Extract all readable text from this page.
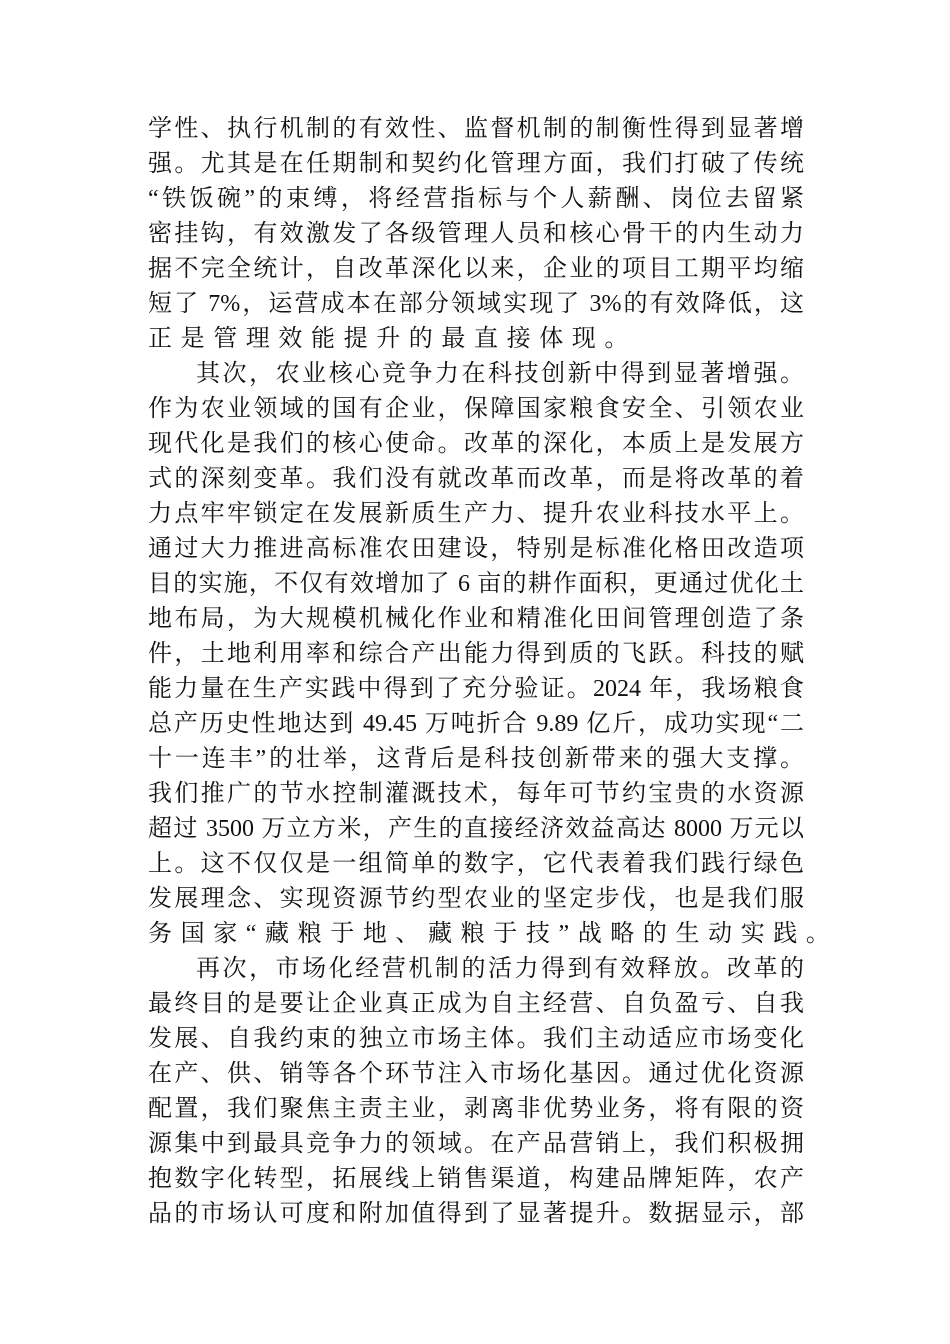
学性、执行机制的有效性、监督机制的制衡性得到显著增
强。尤其是在任期制和契约化管理方面，我们打破了传统
“铁饭碗”的束缚，将经营指标与个人薪酬、岗位去留紧
密挂钩，有效激发了各级管理人员和核心骨干的内生动力
据不完全统计，自改革深化以来，企业的项目工期平均缩
短了 7%，运营成本在部分领域实现了 3%的有效降低，这
正是管理效能提升的最直接体现。
其次，农业核心竞争力在科技创新中得到显著增强。
作为农业领域的国有企业，保障国家粮食安全、引领农业
现代化是我们的核心使命。改革的深化，本质上是发展方
式的深刻变革。我们没有就改革而改革，而是将改革的着
力点牢牢锁定在发展新质生产力、提升农业科技水平上。
通过大力推进高标准农田建设，特别是标准化格田改造项
目的实施，不仅有效增加了 6 亩的耕作面积，更通过优化土
地布局，为大规模机械化作业和精准化田间管理创造了条
件，土地利用率和综合产出能力得到质的飞跃。科技的赋
能力量在生产实践中得到了充分验证。2024 年，我场粮食
总产历史性地达到 49.45 万吨折合 9.89 亿斤，成功实现“二
十一连丰”的壮举，这背后是科技创新带来的强大支撑。
我们推广的节水控制灌溉技术，每年可节约宝贵的水资源
超过 3500 万立方米，产生的直接经济效益高达 8000 万元以
上。这不仅仅是一组简单的数字，它代表着我们践行绿色
发展理念、实现资源节约型农业的坚定步伐，也是我们服
务国家“藏粮于地、藏粮于技”战略的生动实践。
再次，市场化经营机制的活力得到有效释放。改革的
最终目的是要让企业真正成为自主经营、自负盈亏、自我
发展、自我约束的独立市场主体。我们主动适应市场变化
在产、供、销等各个环节注入市场化基因。通过优化资源
配置，我们聚焦主责主业，剥离非优势业务，将有限的资
源集中到最具竞争力的领域。在产品营销上，我们积极拥
抱数字化转型，拓展线上销售渠道，构建品牌矩阵，农产
品的市场认可度和附加值得到了显著提升。数据显示，部
